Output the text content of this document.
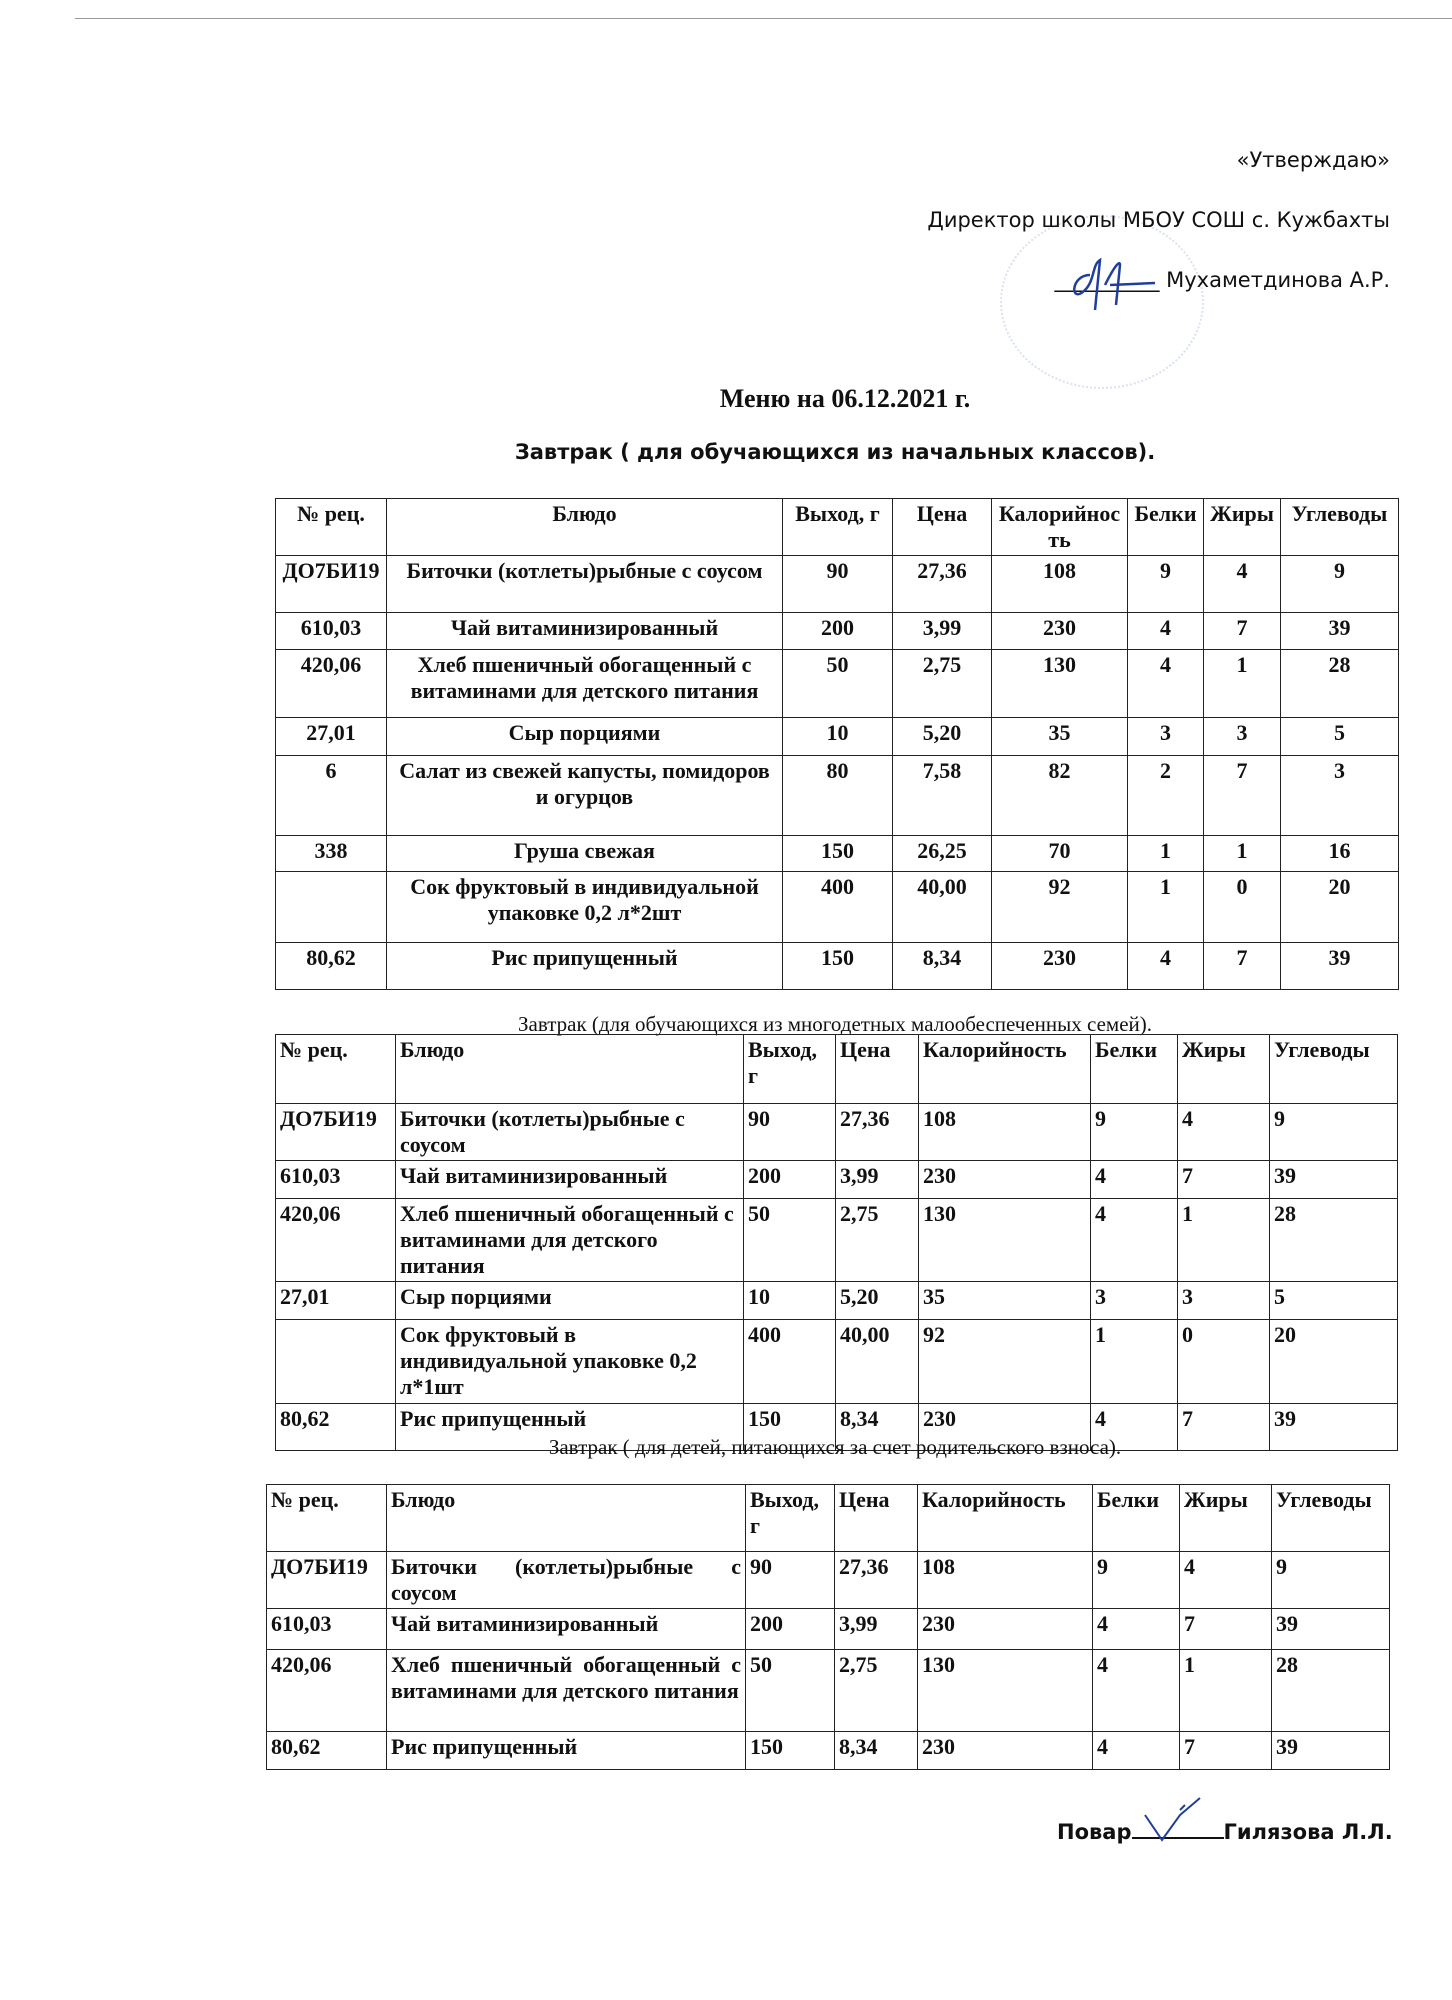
«Утверждаю»
Директор школы МБОУ СОШ с. Кужбахты
__________ Мухаметдинова А.Р.
Меню на 06.12.2021 г.
Завтрак ( для обучающихся из начальных классов).
№ рец.	Блюдо	Выход, г	Цена	Калорийность	Белки	Жиры	Углеводы
ДО7БИ19	Биточки (котлеты)рыбные с соусом	90	27,36	108	9	4	9
610,03	Чай витаминизированный	200	3,99	230	4	7	39
420,06	Хлеб пшеничный обогащенный с витаминами для детского питания	50	2,75	130	4	1	28
27,01	Сыр порциями	10	5,20	35	3	3	5
6	Салат из свежей капусты, помидоров и огурцов	80	7,58	82	2	7	3
338	Груша свежая	150	26,25	70	1	1	16
	Сок фруктовый в индивидуальной упаковке 0,2 л*2шт	400	40,00	92	1	0	20
80,62	Рис припущенный	150	8,34	230	4	7	39
Завтрак (для обучающихся из многодетных малообеспеченных семей).
№ рец.	Блюдо	Выход, г	Цена	Калорийность	Белки	Жиры	Углеводы
ДО7БИ19	Биточки (котлеты)рыбные с соусом	90	27,36	108	9	4	9
610,03	Чай витаминизированный	200	3,99	230	4	7	39
420,06	Хлеб пшеничный обогащенный с витаминами для детского питания	50	2,75	130	4	1	28
27,01	Сыр порциями	10	5,20	35	3	3	5
	Сок фруктовый в индивидуальной упаковке 0,2 л*1шт	400	40,00	92	1	0	20
80,62	Рис припущенный	150	8,34	230	4	7	39
Завтрак ( для детей, питающихся за счет родительского взноса).
№ рец.	Блюдо	Выход, г	Цена	Калорийность	Белки	Жиры	Углеводы
ДО7БИ19	Биточки (котлеты)рыбные с соусом	90	27,36	108	9	4	9
610,03	Чай витаминизированный	200	3,99	230	4	7	39
420,06	Хлеб пшеничный обогащенный с витаминами для детского питания	50	2,75	130	4	1	28
80,62	Рис припущенный	150	8,34	230	4	7	39
Повар	Гилязова Л.Л.
